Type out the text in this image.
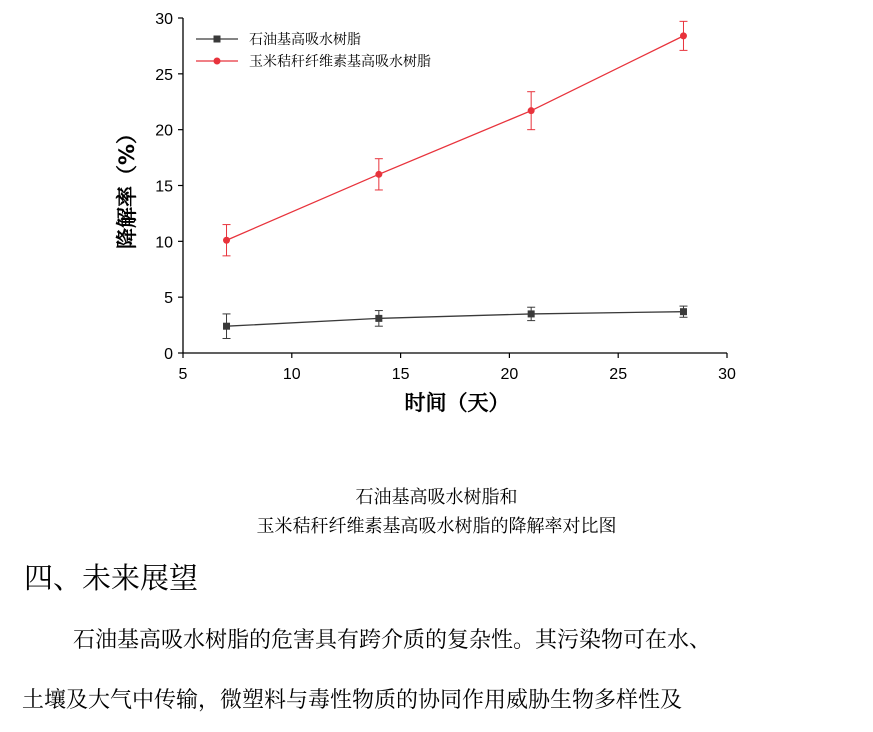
5	10	15	20	25	30
0
5
10
15
20
25
30
石油基高吸水树脂
玉米秸秆纤维素基高吸水树脂
时间（天）
降解率（%）
石油基高吸水树脂和
玉米秸秆纤维素基高吸水树脂的降解率对比图
四、未来展望
石油基高吸水树脂的危害具有跨介质的复杂性。其污染物可在水、
土壤及大气中传输，微塑料与毒性物质的协同作用威胁生物多样性及
